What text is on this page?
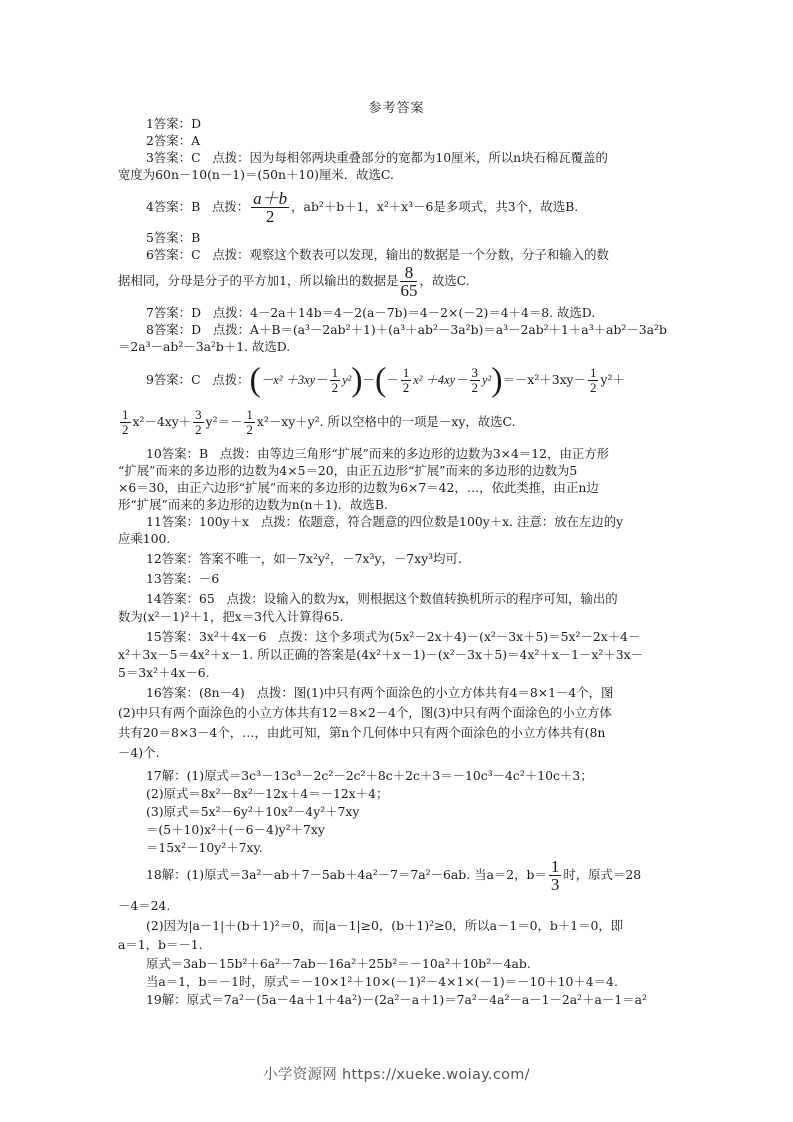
参考答案
1答案：D
2答案：A
3答案：C 点拨：因为每相邻两块重叠部分的宽都为10厘米，所以n块石棉瓦覆盖的
宽度为60n－10(n－1)＝(50n＋10)厘米．故选C.
4答案：B 点拨： $\frac{a+b}{2}$ ，ab²＋b＋1，x²＋x³－6是多项式，共3个，故选B.
5答案：B
6答案：C 点拨：观察这个数表可以发现，输出的数据是一个分数，分子和输入的数
据相同，分母是分子的平方加1，所以输出的数据是 $\frac{8}{65}$ ，故选C.
7答案：D 点拨：4－2a＋14b＝4－2(a－7b)＝4－2×(－2)＝4＋4＝8. 故选D.
8答案：D 点拨：A＋B＝(a³－2ab²＋1)＋(a³＋ab²－3a²b)＝a³－2ab²＋1＋a³＋ab²－3a²b
＝2a³－ab²－3a²b＋1. 故选D.
9答案：C 点拨：$(-x^2 +3xy- \frac{1}{2} y^2)-(- \frac{1}{2} x^2 +4xy- \frac{3}{2} y^2)=-x^2+3xy- \frac{1}{2} y^2+$
$\frac{1}{2} x^2-4xy+ \frac{3}{2} y^2=- \frac{1}{2} x^2-xy+y^2$. 所以空格中的一项是－xy，故选C.
10答案：B 点拨：由等边三角形“扩展”而来的多边形的边数为3×4＝12，由正方形
“扩展”而来的多边形的边数为4×5＝20，由正五边形“扩展”而来的多边形的边数为5
×6＝30，由正六边形“扩展”而来的多边形的边数为6×7＝42，…，依此类推，由正n边
形“扩展”而来的多边形的边数为n(n＋1)．故选B.
11答案：100y＋x 点拨：依题意，符合题意的四位数是100y＋x. 注意：放在左边的y
应乘100.
12答案：答案不唯一，如－7x²y²，－7x³y，－7xy³均可.
13答案：－6
14答案：65 点拨：设输入的数为x，则根据这个数值转换机所示的程序可知，输出的
数为(x²－1)²＋1，把x＝3代入计算得65.
15答案：3x²＋4x－6 点拨：这个多项式为(5x²－2x＋4)－(x²－3x＋5)＝5x²－2x＋4－
x²＋3x－5＝4x²＋x－1. 所以正确的答案是(4x²＋x－1)－(x²－3x＋5)＝4x²＋x－1－x²＋3x－
5＝3x²＋4x－6.
16答案：(8n－4) 点拨：图(1)中只有两个面涂色的小立方体共有4＝8×1－4个，图
(2)中只有两个面涂色的小立方体共有12＝8×2－4个，图(3)中只有两个面涂色的小立方体
共有20＝8×3－4个，…，由此可知，第n个几何体中只有两个面涂色的小立方体共有(8n
－4)个.
17解：(1)原式＝3c³－13c³－2c²－2c²＋8c＋2c＋3＝－10c³－4c²＋10c＋3；
(2)原式＝8x²－8x²－12x＋4＝－12x＋4；
(3)原式＝5x²－6y²＋10x²－4y²＋7xy
＝(5＋10)x²＋(－6－4)y²＋7xy
＝15x²－10y²＋7xy.
18解：(1)原式＝3a²－ab＋7－5ab＋4a²－7＝7a²－6ab. 当a＝2，$b= \frac{1}{3}$ 时，原式＝28
－4＝24.
(2)因为|a－1|＋(b＋1)²＝0，而|a－1|≥0，(b＋1)²≥0，所以a－1＝0，b＋1＝0，即
a＝1，b＝－1.
原式＝3ab－15b²＋6a²－7ab－16a²＋25b²＝－10a²＋10b²－4ab.
当a＝1，b＝－1时，原式＝－10×1²＋10×(－1)²－4×1×(－1)＝－10＋10＋4＝4.
19解：原式＝7a²－(5a－4a＋1＋4a²)－(2a²－a＋1)＝7a²－4a²－a－1－2a²＋a－1＝a²
小学资源网 https://xueke.woiay.com/
